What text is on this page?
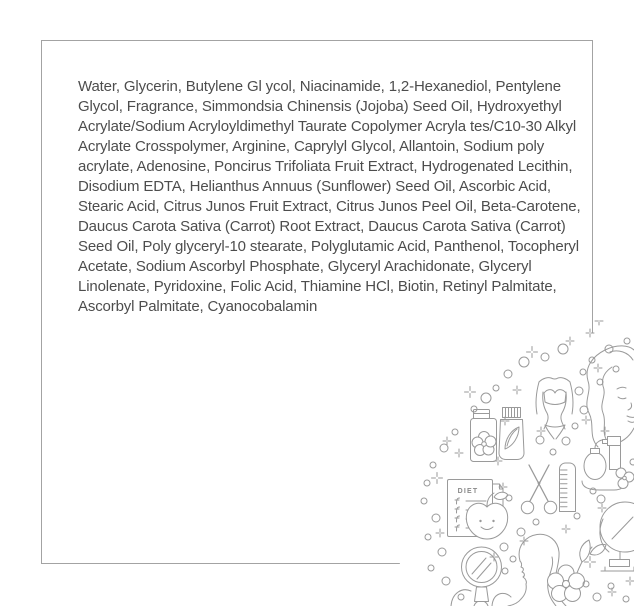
Water, Glycerin, Butylene Gl ycol, Niacinamide, 1,2-Hexanediol, Pentylene
Glycol, Fragrance, Simmondsia Chinensis (Jojoba) Seed Oil, Hydroxyethyl
Acrylate/Sodium Acryloyldimethyl Taurate Copolymer Acryla tes/C10-30 Alkyl
Acrylate Crosspolymer, Arginine, Caprylyl Glycol, Allantoin, Sodium poly
acrylate, Adenosine, Poncirus Trifoliata Fruit Extract, Hydrogenated Lecithin,
Disodium EDTA, Helianthus Annuus (Sunflower) Seed Oil, Ascorbic Acid,
Stearic Acid, Citrus Junos Fruit Extract, Citrus Junos Peel Oil, Beta-Carotene,
Daucus Carota Sativa (Carrot) Root Extract, Daucus Carota Sativa (Carrot)
Seed Oil, Poly glyceryl-10 stearate, Polyglutamic Acid, Panthenol, Tocopheryl
Acetate, Sodium Ascorbyl Phosphate, Glyceryl Arachidonate, Glyceryl
Linolenate, Pyridoxine, Folic Acid, Thiamine HCl, Biotin, Retinyl Palmitate,
Ascorbyl Palmitate, Cyanocobalamin
DIET
